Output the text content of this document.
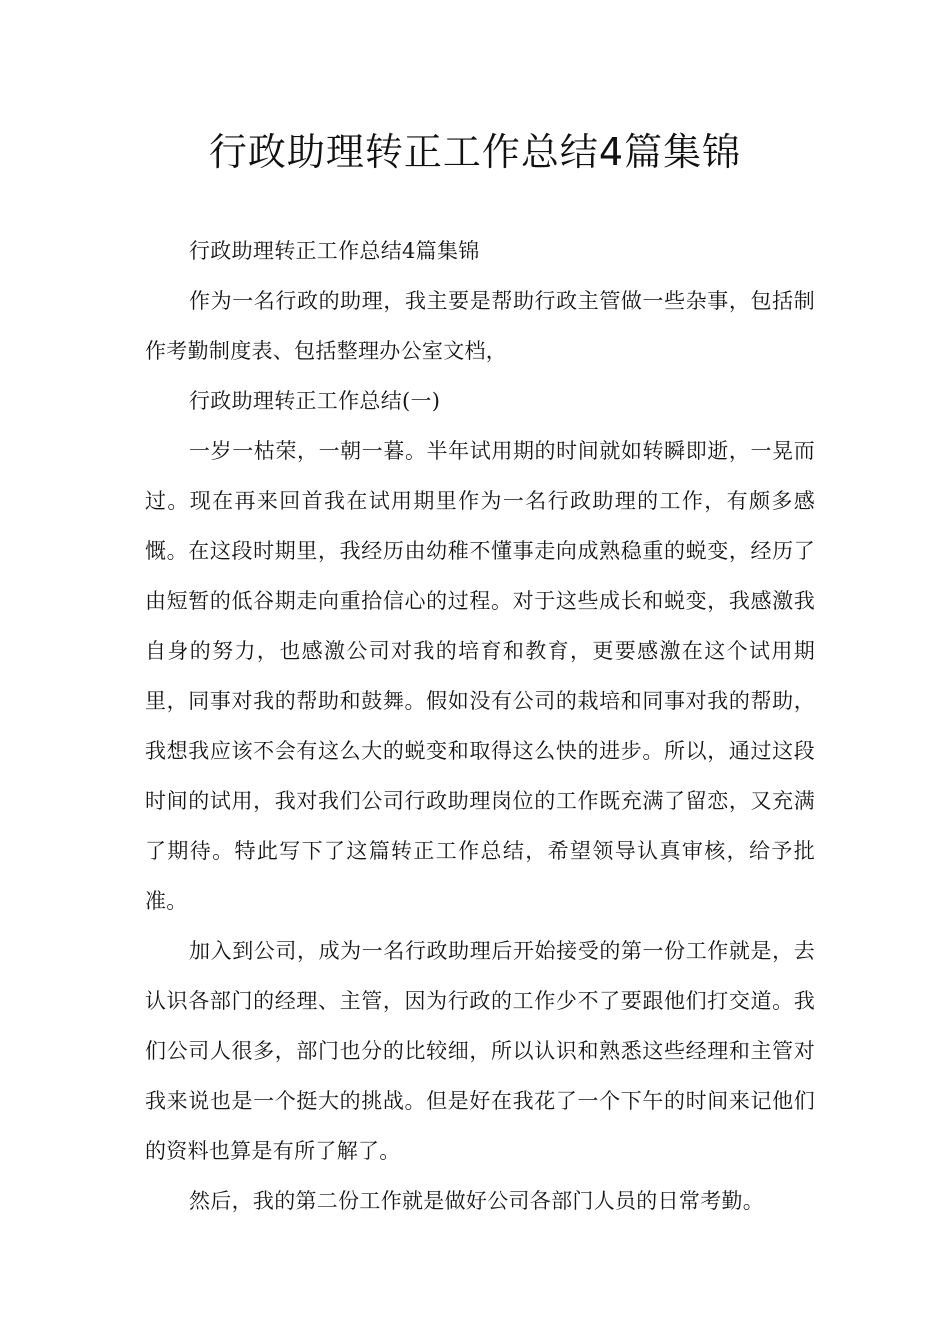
行政助理转正工作总结4篇集锦

行政助理转正工作总结4篇集锦

作为一名行政的助理，我主要是帮助行政主管做一些杂事，包括制作考勤制度表、包括整理办公室文档，

行政助理转正工作总结(一)

一岁一枯荣，一朝一暮。半年试用期的时间就如转瞬即逝，一晃而过。现在再来回首我在试用期里作为一名行政助理的工作，有颇多感慨。在这段时期里，我经历由幼稚不懂事走向成熟稳重的蜕变，经历了由短暂的低谷期走向重拾信心的过程。对于这些成长和蜕变，我感激我自身的努力，也感激公司对我的培育和教育，更要感激在这个试用期里，同事对我的帮助和鼓舞。假如没有公司的栽培和同事对我的帮助，我想我应该不会有这么大的蜕变和取得这么快的进步。所以，通过这段时间的试用，我对我们公司行政助理岗位的工作既充满了留恋，又充满了期待。特此写下了这篇转正工作总结，希望领导认真审核，给予批准。

加入到公司，成为一名行政助理后开始接受的第一份工作就是，去认识各部门的经理、主管，因为行政的工作少不了要跟他们打交道。我们公司人很多，部门也分的比较细，所以认识和熟悉这些经理和主管对我来说也是一个挺大的挑战。但是好在我花了一个下午的时间来记他们的资料也算是有所了解了。

然后，我的第二份工作就是做好公司各部门人员的日常考勤。
